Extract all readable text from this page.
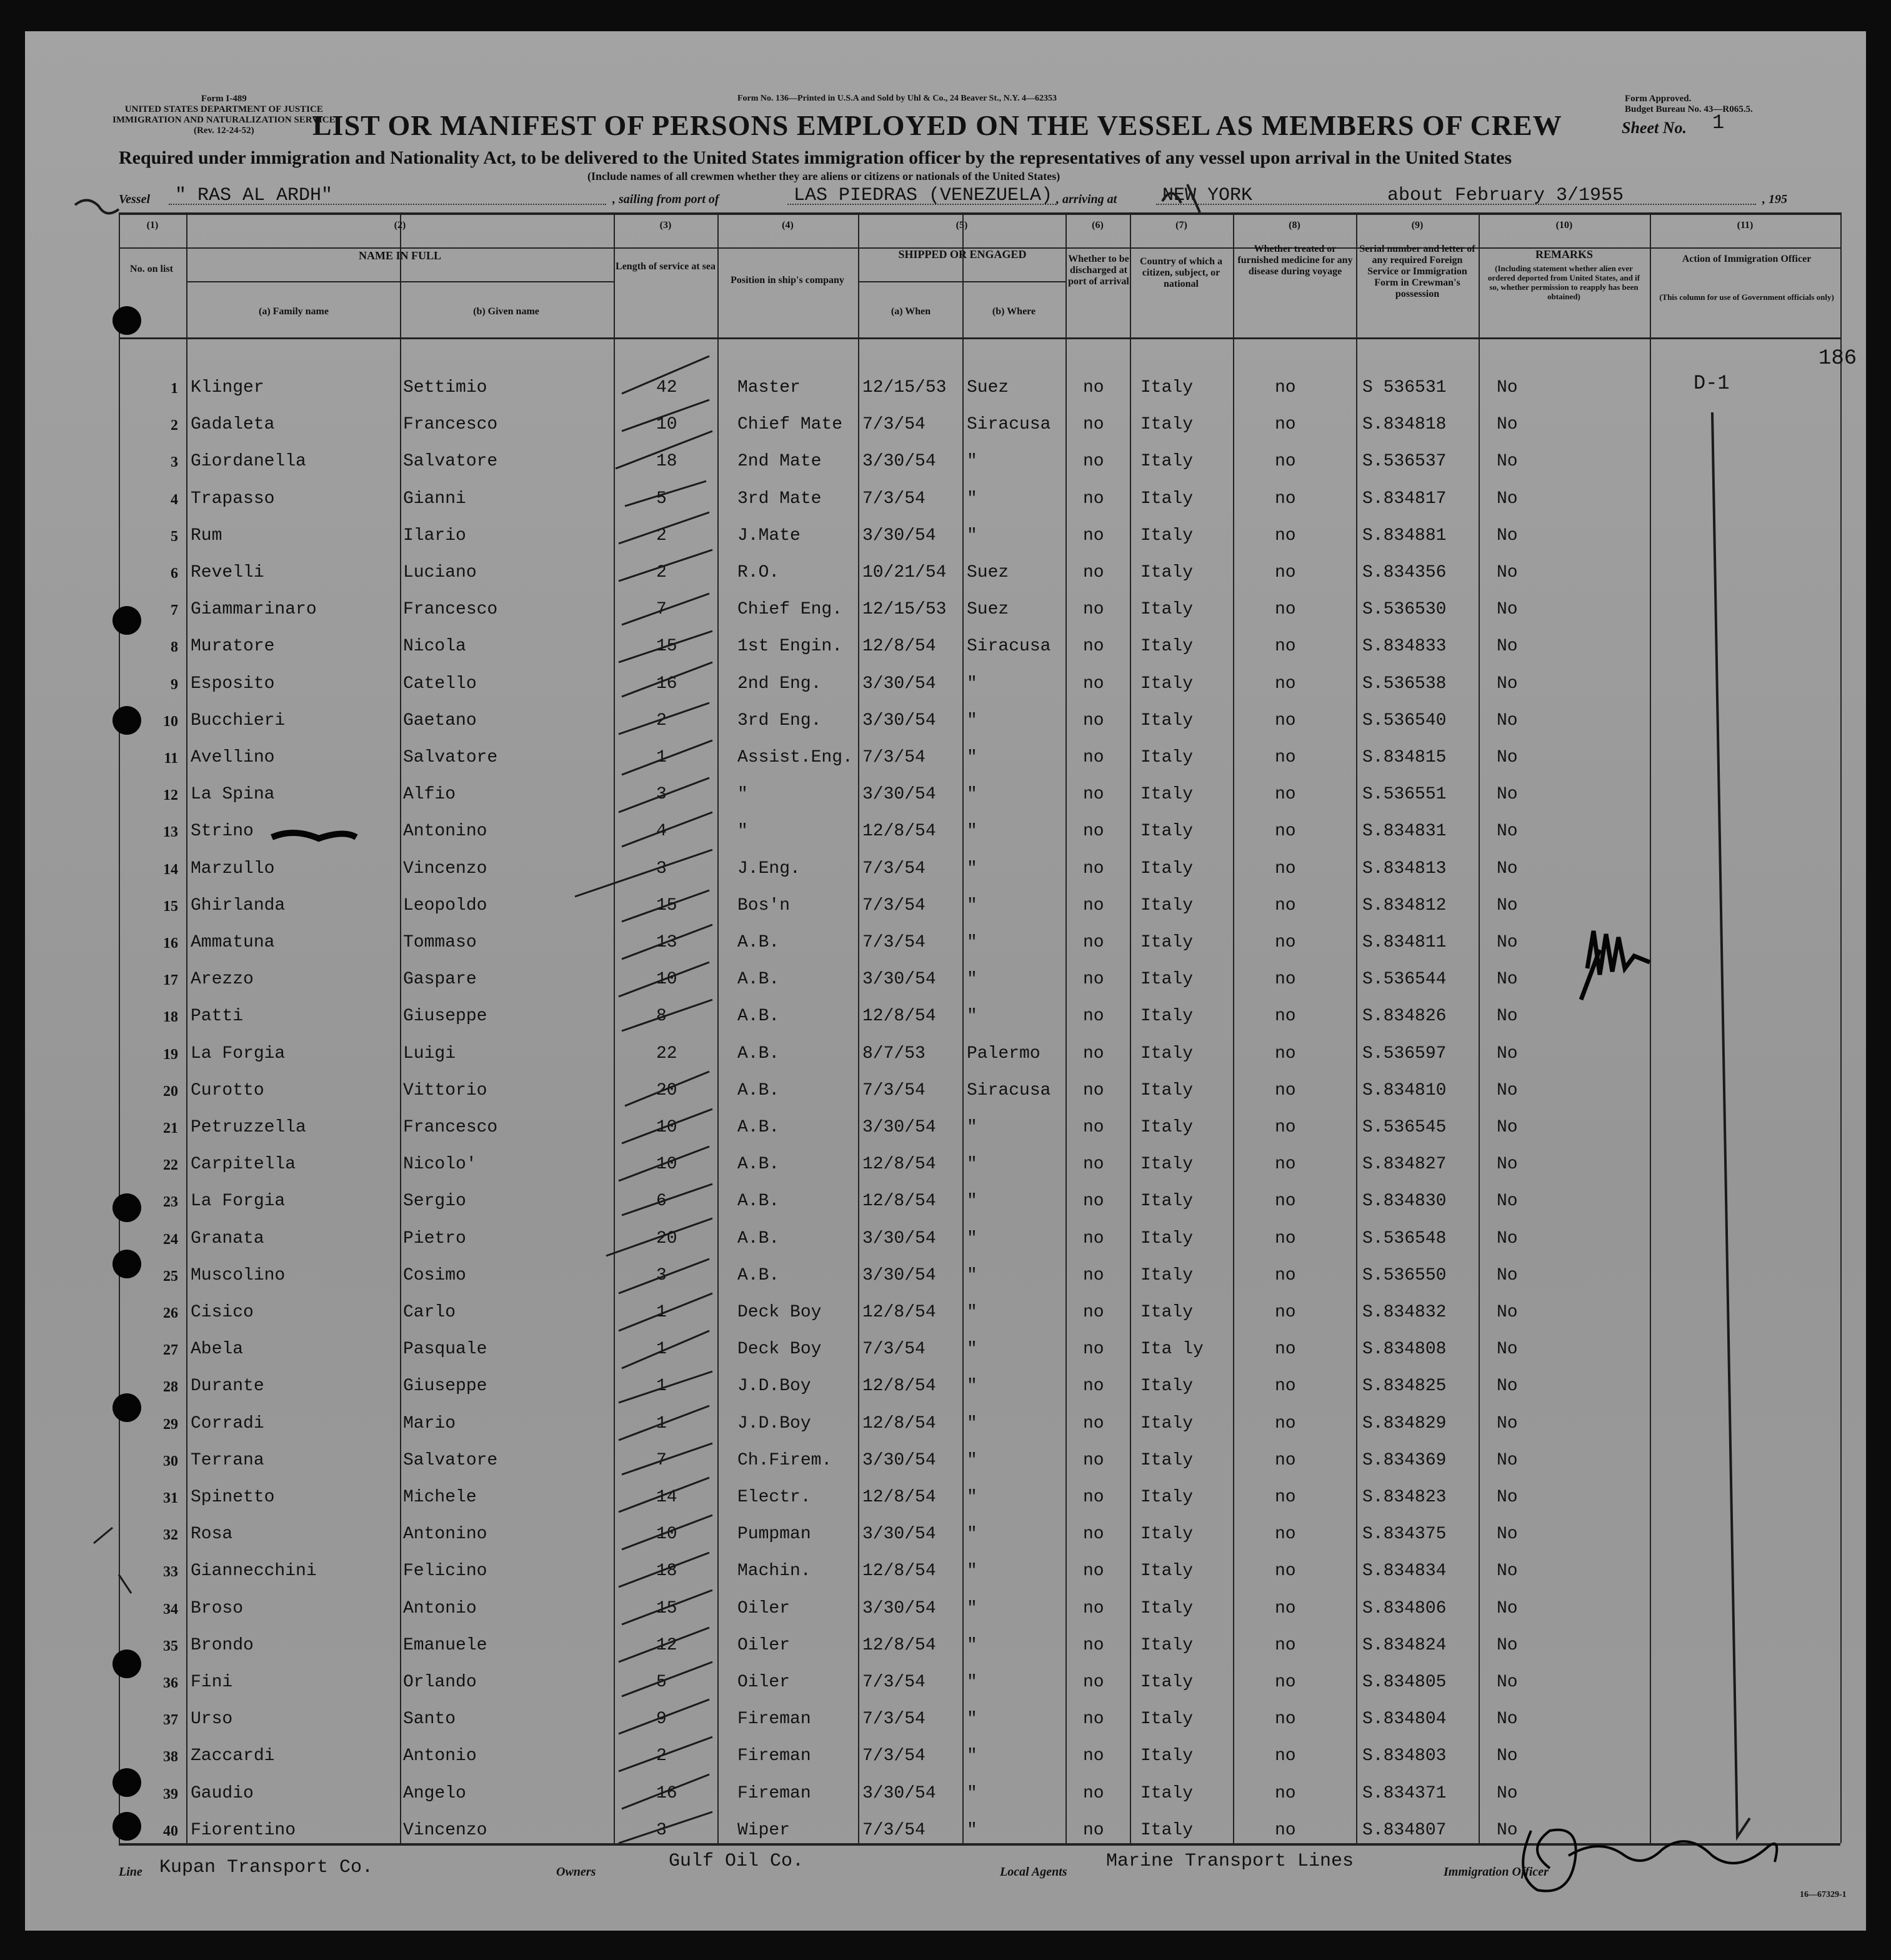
Form I-489
UNITED STATES DEPARTMENT OF JUSTICE
IMMIGRATION AND NATURALIZATION SERVICE
(Rev. 12-24-52)
Form No. 136—Printed in U.S.A and Sold by Uhl & Co., 24 Beaver St., N.Y. 4—62353	Form Approved.
Budget Bureau No. 43—R065.5.
LIST OR MANIFEST OF PERSONS EMPLOYED ON THE VESSEL AS MEMBERS OF CREW	Sheet No. 1
Required under immigration and Nationality Act, to be delivered to the United States immigration officer by the representatives of any vessel upon arrival in the United States
(Include names of all crewmen whether they are aliens or citizens or nationals of the United States)
Vessel " RAS AL ARDH"	, sailing from port of	LAS PIEDRAS (VENEZUELA) , arriving at NEW YORK	about February 3/1955	, 195
No. on list
NAME IN FULL
(a) Family name	(b) Given name
Length of service at sea
Position in ship's company
SHIPPED OR ENGAGED
(a) When	(b) Where
Whether to be discharged at port of arrival
Country of which a citizen, subject, or national
Whether treated or furnished medicine for any disease during voyage
Serial number and letter of any required Foreign Service or Immigration Form in Crewman's possession
REMARKS
(Including statement whether alien ever ordered deported from United States, and if so, whether permission to reapply has been obtained)
Action of Immigration Officer
(This column for use of Government officials only)
(1)	(2)	(3)	(4)	(5)	(6)	(7)	(8)	(9)	(10)	(11)
1 Klinger	Settimio	42	Master	12/15/53 Suez	no Italy	no	S 536531	No
2 Gadaleta	Francesco	10	Chief Mate 7/3/54 Siracusa no Italy	no	S.834818	No
3 Giordanella	Salvatore	18	2nd Mate 3/30/54 "	no Italy	no	S.536537	No
4 Trapasso	Gianni	5	3rd Mate 7/3/54 "	no Italy	no	S.834817	No
5 Rum	Ilario	2	J.Mate	3/30/54 "	no Italy	no	S.834881	No
6 Revelli	Luciano	2	R.O.	10/21/54 Suez	no Italy	no	S.834356	No
7 Giammarinaro	Francesco	7	Chief Eng. 12/15/53 Suez	no Italy	no	S.536530	No
8 Muratore	Nicola	15	1st Engin. 12/8/54 Siracusa no Italy	no	S.834833	No
9 Esposito	Catello	16	2nd Eng. 3/30/54 "	no Italy	no	S.536538	No
10 Bucchieri	Gaetano	2	3rd Eng. 3/30/54 "	no Italy	no	S.536540	No
11 Avellino	Salvatore	1	Assist.Eng. 7/3/54 "	no Italy	no	S.834815	No
12 La Spina	Alfio	3	"	3/30/54 "	no Italy	no	S.536551	No
13 Strino	Antonino	4	"	12/8/54 "	no Italy	no	S.834831	No
14 Marzullo	Vincenzo	3	J.Eng.	7/3/54 "	no Italy	no	S.834813	No
15 Ghirlanda	Leopoldo	15	Bos'n	7/3/54 "	no Italy	no	S.834812	No
16 Ammatuna	Tommaso	13	A.B.	7/3/54 "	no Italy	no	S.834811	No
17 Arezzo	Gaspare	10	A.B.	3/30/54 "	no Italy	no	S.536544	No
18 Patti	Giuseppe	8	A.B.	12/8/54 "	no Italy	no	S.834826	No
19 La Forgia	Luigi	22	A.B.	8/7/53 Palermo no Italy	no	S.536597	No
20 Curotto	Vittorio	20	A.B.	7/3/54 Siracusa no Italy	no	S.834810	No
21 Petruzzella	Francesco	10	A.B.	3/30/54 "	no Italy	no	S.536545	No
22 Carpitella	Nicolo'	10	A.B.	12/8/54 "	no Italy	no	S.834827	No
23 La Forgia	Sergio	6	A.B.	12/8/54 "	no Italy	no	S.834830	No
24 Granata	Pietro	20	A.B.	3/30/54 "	no Italy	no	S.536548	No
25 Muscolino	Cosimo	3	A.B.	3/30/54 "	no Italy	no	S.536550	No
26 Cisico	Carlo	1	Deck Boy 12/8/54 "	no Italy	no	S.834832	No
27 Abela	Pasquale	1	Deck Boy 7/3/54 "	no Ita ly	no	S.834808	No
28 Durante	Giuseppe	1	J.D.Boy	12/8/54 "	no Italy	no	S.834825	No
29 Corradi	Mario	1	J.D.Boy	12/8/54 "	no Italy	no	S.834829	No
30 Terrana	Salvatore	7	Ch.Firem. 3/30/54 "	no Italy	no	S.834369	No
31 Spinetto	Michele	14	Electr.	12/8/54 "	no Italy	no	S.834823	No
32 Rosa	Antonino	10	Pumpman	3/30/54 "	no Italy	no	S.834375	No
33 Giannecchini	Felicino	18	Machin.	12/8/54 "	no Italy	no	S.834834	No
34 Broso	Antonio	15	Oiler	3/30/54 "	no Italy	no	S.834806	No
35 Brondo	Emanuele	12	Oiler	12/8/54 "	no Italy	no	S.834824	No
36 Fini	Orlando	5	Oiler	7/3/54 "	no Italy	no	S.834805	No
37 Urso	Santo	9	Fireman	7/3/54 "	no Italy	no	S.834804	No
38 Zaccardi	Antonio	2	Fireman	7/3/54 "	no Italy	no	S.834803	No
39 Gaudio	Angelo	16	Fireman	3/30/54 "	no Italy	no	S.834371	No
40 Fiorentino	Vincenzo	3	Wiper	7/3/54 "	no Italy	no	S.834807	No
D-1
186
Line Kupan Transport Co.	Owners	Gulf Oil Co.	Local Agents Marine Transport Lines	Immigration Officer
16—67329-1
